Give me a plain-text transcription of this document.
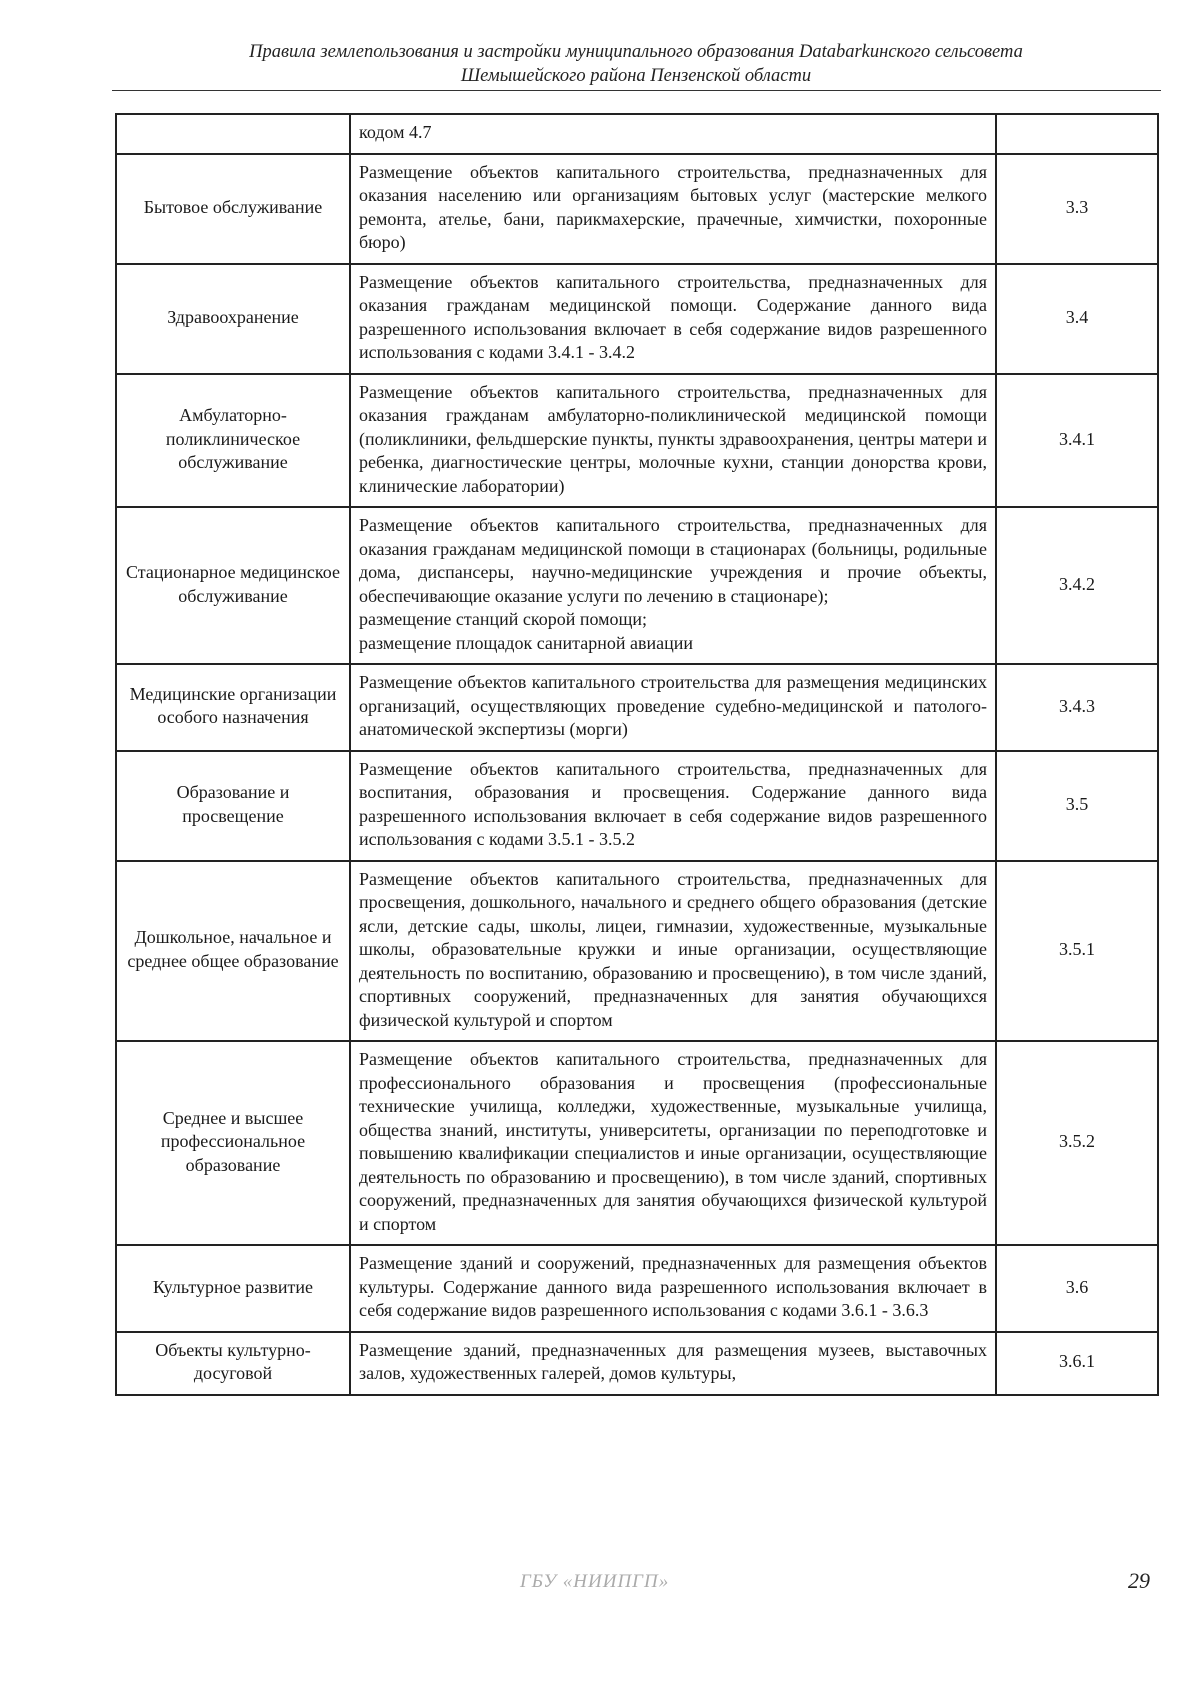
Правила землепользования и застройки муниципального образования Databarkинского сельсовета
Шемышейского района Пензенской области

	кодом 4.7	

Бытовое обслуживание	Размещение объектов капитального строительства, предназначенных для оказания населению или организациям бытовых услуг (мастерские мелкого ремонта, ателье, бани, парикмахерские, прачечные, химчистки, похоронные бюро)	3.3
Здравоохранение	Размещение объектов капитального строительства, предназначенных для оказания гражданам медицинской помощи. Содержание данного вида разрешенного использования включает в себя содержание видов разрешенного использования с кодами 3.4.1 - 3.4.2	3.4
Амбулаторно-поликлиническое обслуживание	Размещение объектов капитального строительства, предназначенных для оказания гражданам амбулаторно-поликлинической медицинской помощи (поликлиники, фельдшерские пункты, пункты здравоохранения, центры матери и ребенка, диагностические центры, молочные кухни, станции донорства крови, клинические лаборатории)	3.4.1
Стационарное медицинское обслуживание	Размещение объектов капитального строительства, предназначенных для оказания гражданам медицинской помощи в стационарах (больницы, родильные дома, диспансеры, научно-медицинские учреждения и прочие объекты, обеспечивающие оказание услуги по лечению в стационаре);
размещение станций скорой помощи;
размещение площадок санитарной авиации	3.4.2
Медицинские организации особого назначения	Размещение объектов капитального строительства для размещения медицинских организаций, осуществляющих проведение судебно-медицинской и патолого-анатомической экспертизы (морги)	3.4.3
Образование и просвещение	Размещение объектов капитального строительства, предназначенных для воспитания, образования и просвещения. Содержание данного вида разрешенного использования включает в себя содержание видов разрешенного использования с кодами 3.5.1 - 3.5.2	3.5
Дошкольное, начальное и среднее общее образование	Размещение объектов капитального строительства, предназначенных для просвещения, дошкольного, начального и среднего общего образования (детские ясли, детские сады, школы, лицеи, гимназии, художественные, музыкальные школы, образовательные кружки и иные организации, осуществляющие деятельность по воспитанию, образованию и просвещению), в том числе зданий, спортивных сооружений, предназначенных для занятия обучающихся физической культурой и спортом	3.5.1
Среднее и высшее профессиональное образование	Размещение объектов капитального строительства, предназначенных для профессионального образования и просвещения (профессиональные технические училища, колледжи, художественные, музыкальные училища, общества знаний, институты, университеты, организации по переподготовке и повышению квалификации специалистов и иные организации, осуществляющие деятельность по образованию и просвещению), в том числе зданий, спортивных сооружений, предназначенных для занятия обучающихся физической культурой и спортом	3.5.2
Культурное развитие	Размещение зданий и сооружений, предназначенных для размещения объектов культуры. Содержание данного вида разрешенного использования включает в себя содержание видов разрешенного использования с кодами 3.6.1 - 3.6.3	3.6
Объекты культурно-досуговой	Размещение зданий, предназначенных для размещения музеев, выставочных залов, художественных галерей, домов культуры,	3.6.1
ГБУ «НИИПГП»	29
